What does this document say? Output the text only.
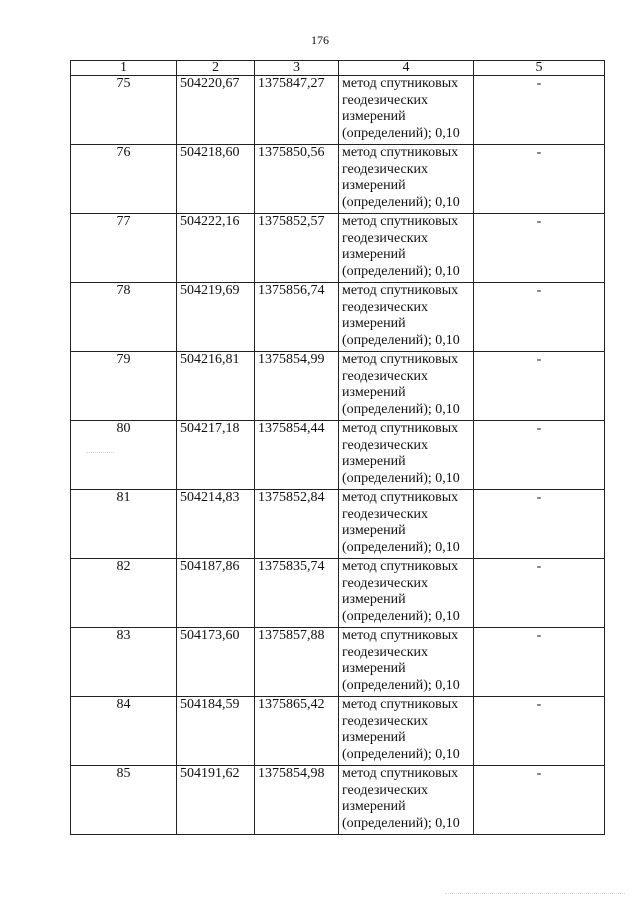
176
1	2	3	4	5
75	504220,67	1375847,27	метод спутниковых геодезических измерений (определений); 0,10	-
76	504218,60	1375850,56	метод спутниковых геодезических измерений (определений); 0,10	-
77	504222,16	1375852,57	метод спутниковых геодезических измерений (определений); 0,10	-
78	504219,69	1375856,74	метод спутниковых геодезических измерений (определений); 0,10	-
79	504216,81	1375854,99	метод спутниковых геодезических измерений (определений); 0,10	-
80	504217,18	1375854,44	метод спутниковых геодезических измерений (определений); 0,10	-
81	504214,83	1375852,84	метод спутниковых геодезических измерений (определений); 0,10	-
82	504187,86	1375835,74	метод спутниковых геодезических измерений (определений); 0,10	-
83	504173,60	1375857,88	метод спутниковых геодезических измерений (определений); 0,10	-
84	504184,59	1375865,42	метод спутниковых геодезических измерений (определений); 0,10	-
85	504191,62	1375854,98	метод спутниковых геодезических измерений (определений); 0,10	-
